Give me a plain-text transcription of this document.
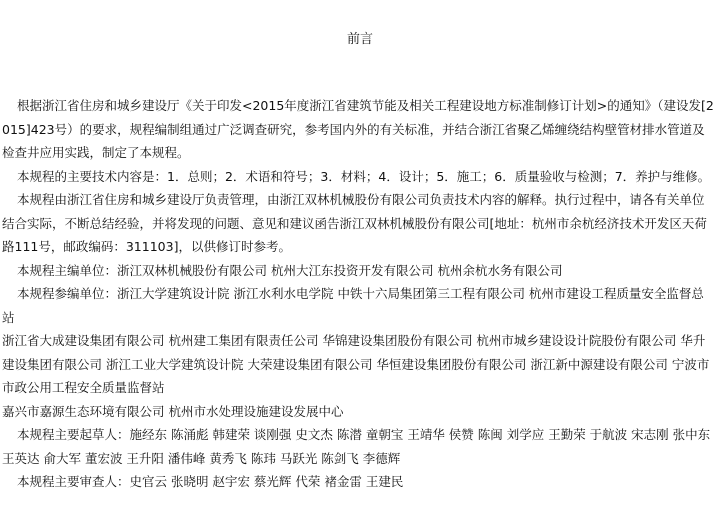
前言

根据浙江省住房和城乡建设厅《关于印发<2015年度浙江省建筑节能及相关工程建设地方标准制修订计划>的通知》（建设发[2015]423号）的要求，规程编制组通过广泛调查研究，参考国内外的有关标准，并结合浙江省聚乙烯缠绕结构壁管材排水管道及检查井应用实践，制定了本规程。

本规程的主要技术内容是：1．总则；2．术语和符号；3．材料；4．设计；5．施工；6．质量验收与检测；7．养护与维修。

本规程由浙江省住房和城乡建设厅负责管理，由浙江双林机械股份有限公司负责技术内容的解释。执行过程中，请各有关单位结合实际，不断总结经验，并将发现的问题、意见和建议函告浙江双林机械股份有限公司[地址：杭州市余杭经济技术开发区天荷路111号，邮政编码：311103]，以供修订时参考。

本规程主编单位：浙江双林机械股份有限公司 杭州大江东投资开发有限公司 杭州余杭水务有限公司

本规程参编单位：浙江大学建筑设计院 浙江水利水电学院 中铁十六局集团第三工程有限公司 杭州市建设工程质量安全监督总站

浙江省大成建设集团有限公司 杭州建工集团有限责任公司 华锦建设集团股份有限公司 杭州市城乡建设设计院股份有限公司 华升建设集团有限公司 浙江工业大学建筑设计院 大荣建设集团有限公司 华恒建设集团股份有限公司 浙江新中源建设有限公司 宁波市市政公用工程安全质量监督站

嘉兴市嘉源生态环境有限公司 杭州市水处理设施建设发展中心

本规程主要起草人：施经东 陈涌彪 韩建荣 谈刚强 史文杰 陈潜 童朝宝 王靖华 侯赞 陈闽 刘学应 王勤荣 于航波 宋志刚 张中东 王英达 俞大军 董宏波 王升阳 潘伟峰 黄秀飞 陈玮 马跃光 陈剑飞 李德辉

本规程主要审查人：史官云 张晓明 赵宇宏 蔡光辉 代荣 褚金雷 王建民
